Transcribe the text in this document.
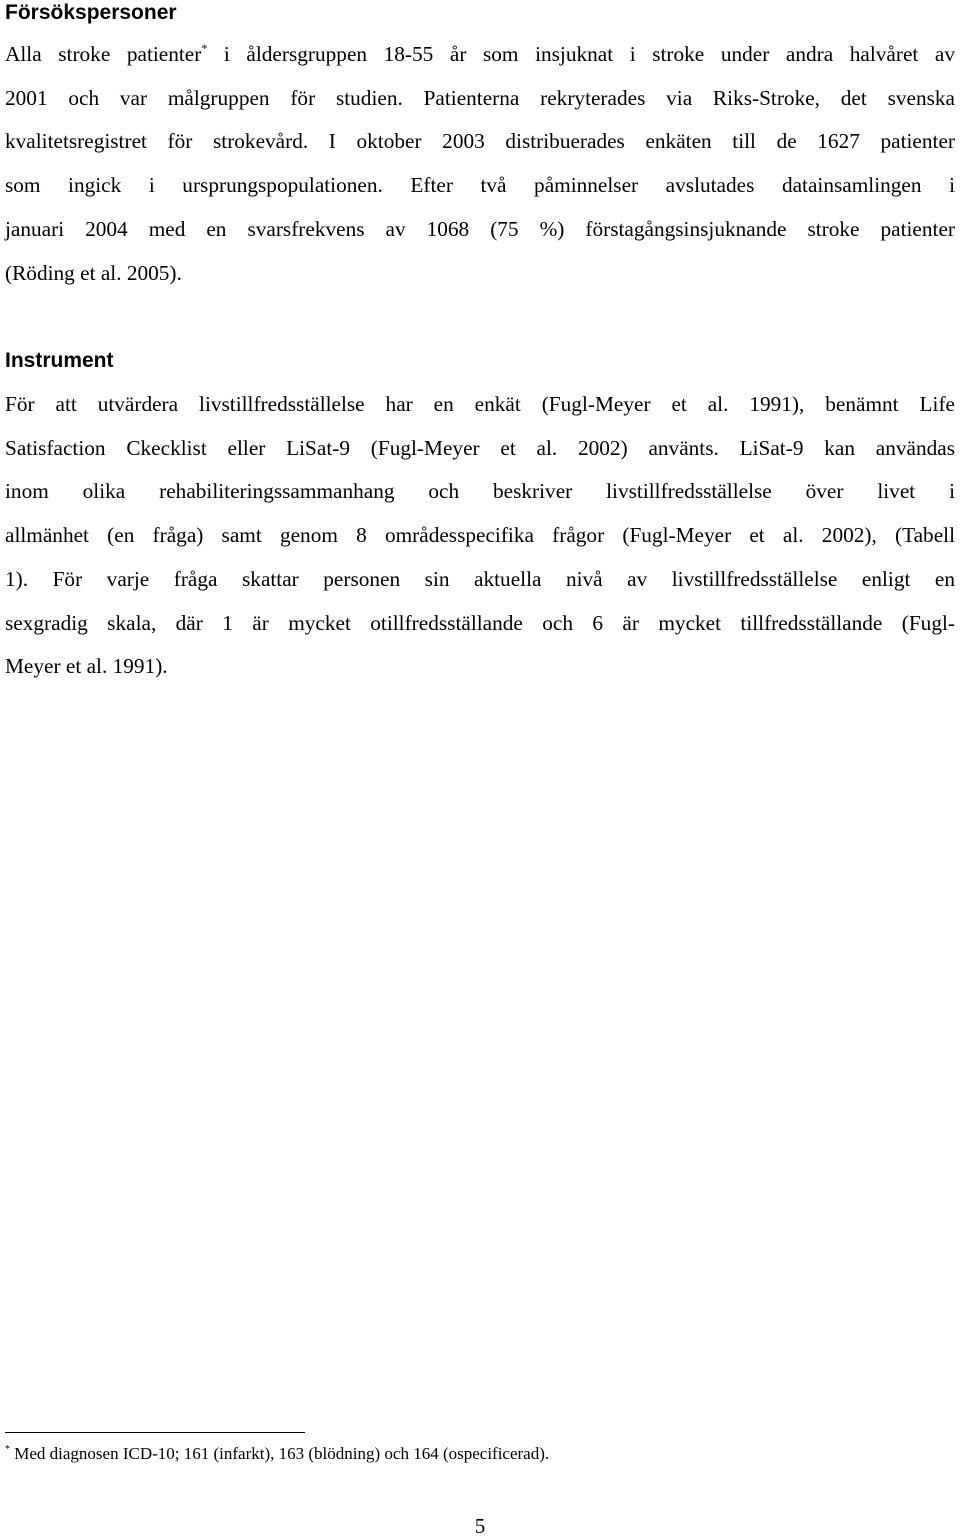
Försökspersoner
Alla stroke patienter* i åldersgruppen 18-55 år som insjuknat i stroke under andra halvåret av
2001 och var målgruppen för studien. Patienterna rekryterades via Riks-Stroke, det svenska
kvalitetsregistret för strokevård. I oktober 2003 distribuerades enkäten till de 1627 patienter
som ingick i ursprungspopulationen. Efter två påminnelser avslutades datainsamlingen i
januari 2004 med en svarsfrekvens av 1068 (75 %) förstagångsinsjuknande stroke patienter
(Röding et al. 2005).
Instrument
För att utvärdera livstillfredsställelse har en enkät (Fugl-Meyer et al. 1991), benämnt Life
Satisfaction Ckecklist eller LiSat-9 (Fugl-Meyer et al. 2002) använts. LiSat-9 kan användas
inom olika rehabiliteringssammanhang och beskriver livstillfredsställelse över livet i
allmänhet (en fråga) samt genom 8 områdesspecifika frågor (Fugl-Meyer et al. 2002), (Tabell
1). För varje fråga skattar personen sin aktuella nivå av livstillfredsställelse enligt en
sexgradig skala, där 1 är mycket otillfredsställande och 6 är mycket tillfredsställande (Fugl-
Meyer et al. 1991).

* Med diagnosen ICD-10; 161 (infarkt), 163 (blödning) och 164 (ospecificerad).

5
